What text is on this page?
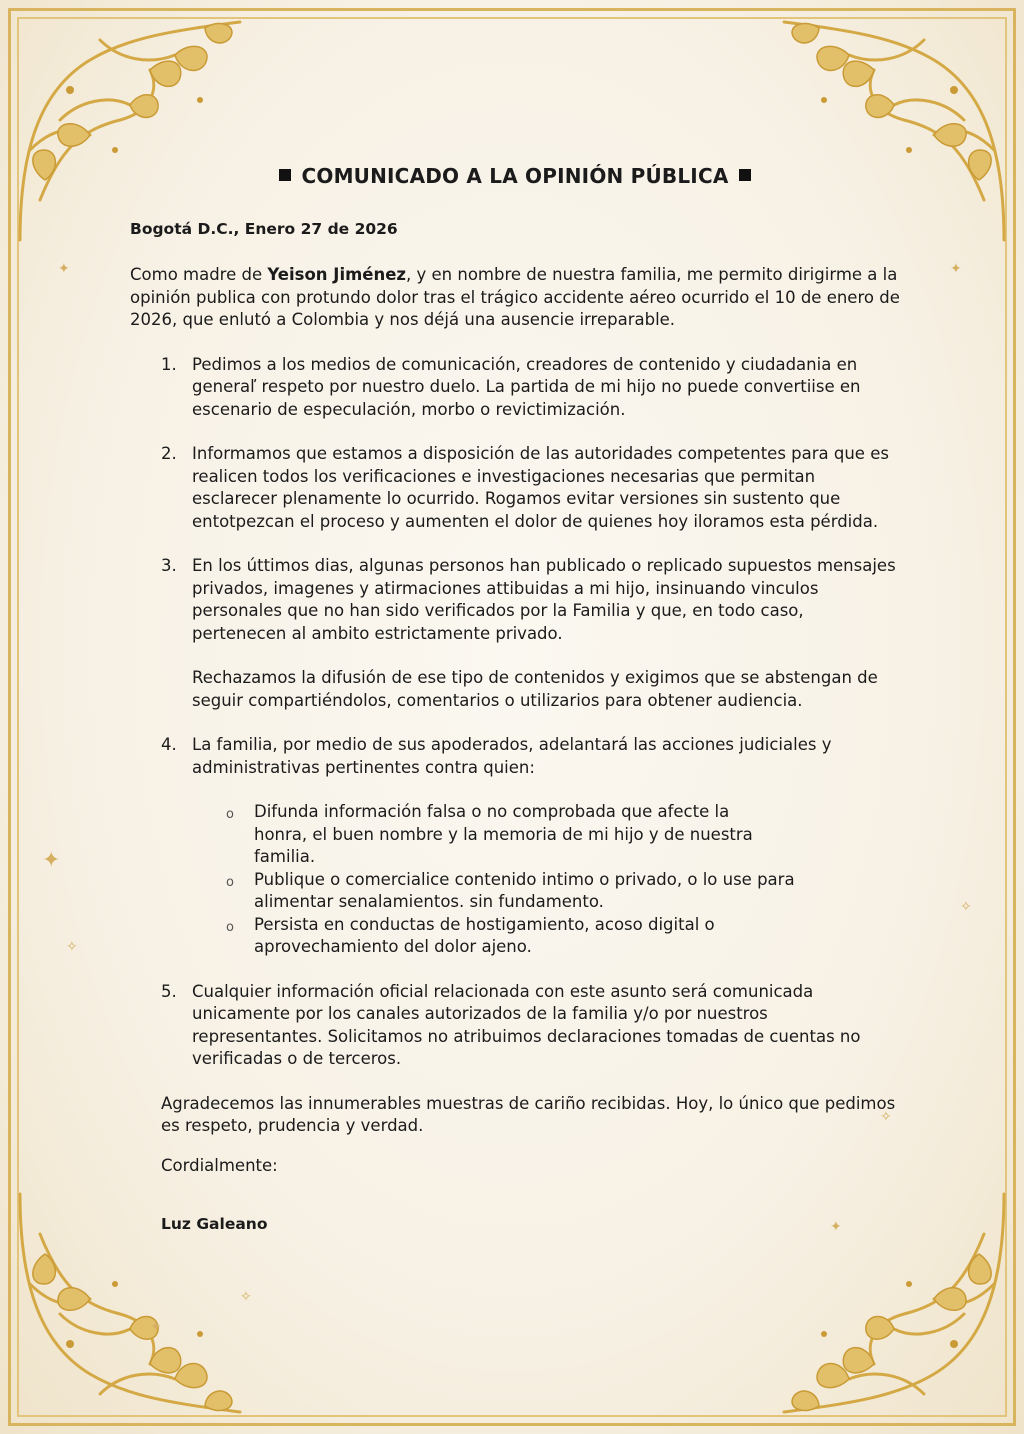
✦
✦
✧
✦
✧
✦
✦
✧
✧
COMUNICADO A LA OPINIÓN PÚBLICA

Bogotá D.C., Enero 27 de 2026

Como madre de Yeison Jiménez, y en nombre de nuestra familia, me permito dirigirme a la opinión publica con protundo dolor tras el trágico accidente aéreo ocurrido el 10 de enero de 2026, que enlutó a Colombia y nos déjá una ausencie irreparable.

1. Pedimos a los medios de comunicación, creadores de contenido y ciudadania en generaľ respeto por nuestro duelo. La partida de mi hijo no puede convertiise en escenario de especulación, morbo o revictimización.

2. Informamos que estamos a disposición de las autoridades competentes para que es realicen todos los verificaciones e investigaciones necesarias que permitan esclarecer plenamente lo ocurrido. Rogamos evitar versiones sin sustento que entotpezcan el proceso y aumenten el dolor de quienes hoy iloramos esta pérdida.

3. En los úttimos dias, algunas personos han publicado o replicado supuestos mensajes privados, imagenes y atirmaciones attibuidas a mi hijo, insinuando vinculos personales que no han sido verificados por la Familia y que, en todo caso, pertenecen al ambito estrictamente privado.

Rechazamos la difusión de ese tipo de contenidos y exigimos que se abstengan de seguir compartiéndolos, comentarios o utilizarios para obtener audiencia.

4. La familia, por medio de sus apoderados, adelantará las acciones judiciales y administrativas pertinentes contra quien:

o Difunda información falsa o no comprobada que afecte la honra, el buen nombre y la memoria de mi hijo y de nuestra familia.
o Publique o comercialice contenido intimo o privado, o lo use para alimentar senalamientos. sin fundamento.
o Persista en conductas de hostigamiento, acoso digital o aprovechamiento del dolor ajeno.
5. Cualquier información oficial relacionada con este asunto será comunicada unicamente por los canales autorizados de la familia y/o por nuestros representantes. Solicitamos no atribuimos declaraciones tomadas de cuentas no verificadas o de terceros.

Agradecemos las innumerables muestras de cariño recibidas. Hoy, lo único que pedimos es respeto, prudencia y verdad.

Cordialmente:

Luz Galeano
